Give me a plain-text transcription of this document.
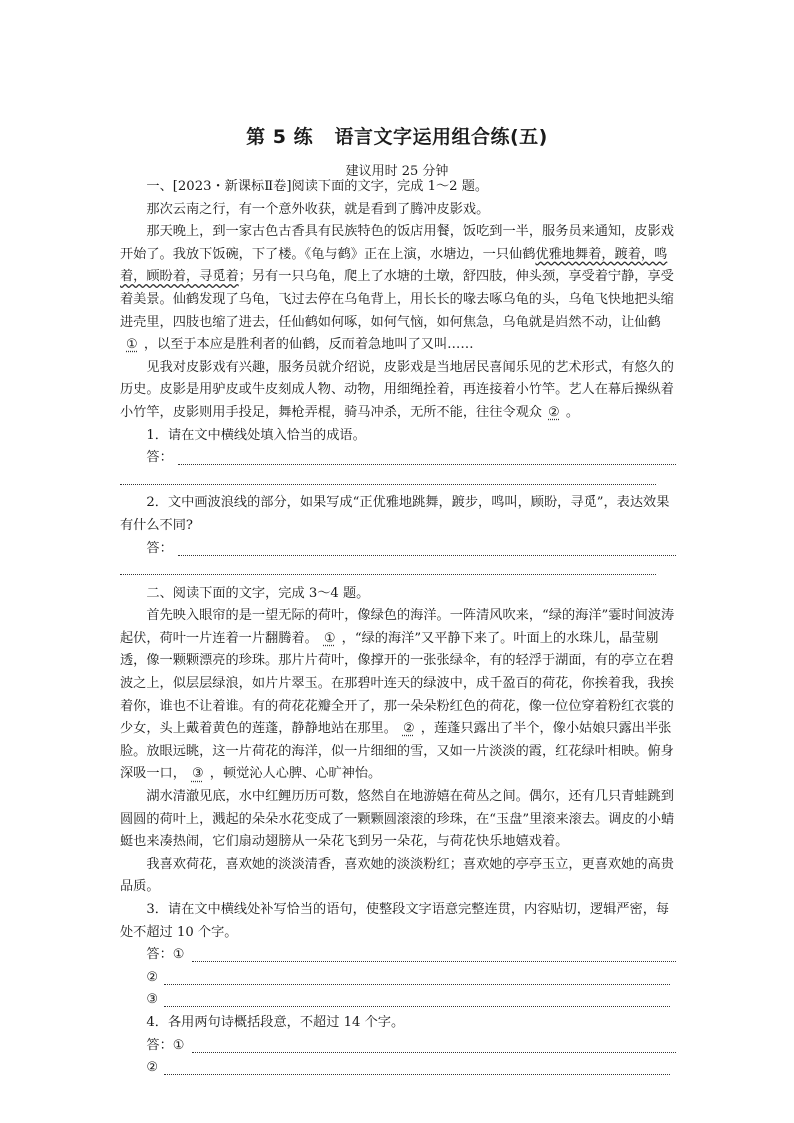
第 5 练   语言文字运用组合练(五)
建议用时 25 分钟

一、[2023・新课标Ⅱ卷]阅读下面的文字，完成 1～2 题。

那次云南之行，有一个意外收获，就是看到了腾冲皮影戏。

那天晚上，到一家古色古香具有民族特色的饭店用餐，饭吃到一半，服务员来通知，皮影戏开始了。我放下饭碗，下了楼。《龟与鹤》正在上演，水塘边，一只仙鹤优雅地舞着，踱着，鸣着，顾盼着，寻觅着；另有一只乌龟，爬上了水塘的土墩，舒四肢，伸头颈，享受着宁静，享受着美景。仙鹤发现了乌龟，飞过去停在乌龟背上，用长长的喙去啄乌龟的头，乌龟飞快地把头缩进壳里，四肢也缩了进去，任仙鹤如何啄，如何气恼，如何焦急，乌龟就是岿然不动，让仙鹤① ，以至于本应是胜利者的仙鹤，反而着急地叫了又叫……

见我对皮影戏有兴趣，服务员就介绍说，皮影戏是当地居民喜闻乐见的艺术形式，有悠久的历史。皮影是用驴皮或牛皮刻成人物、动物，用细绳拴着，再连接着小竹竿。艺人在幕后操纵着小竹竿，皮影则用手投足，舞枪弄棍，骑马冲杀，无所不能，往往令观众 ② 。

1．请在文中横线处填入恰当的成语。

答：

2．文中画波浪线的部分，如果写成“正优雅地跳舞，踱步，鸣叫，顾盼，寻觅”，表达效果有什么不同?

答：

二、阅读下面的文字，完成 3～4 题。

首先映入眼帘的是一望无际的荷叶，像绿色的海洋。一阵清风吹来，“绿的海洋”霎时间波涛起伏，荷叶一片连着一片翻腾着。 ① ，“绿的海洋”又平静下来了。叶面上的水珠儿，晶莹剔透，像一颗颗漂亮的珍珠。那片片荷叶，像撑开的一张张绿伞，有的轻浮于湖面，有的亭立在碧波之上，似层层绿浪，如片片翠玉。在那碧叶连天的绿波中，成千盈百的荷花，你挨着我，我挨着你，谁也不让着谁。有的荷花花瓣全开了，那一朵朵粉红色的荷花，像一位位穿着粉红衣裳的少女，头上戴着黄色的莲蓬，静静地站在那里。 ② ，莲蓬只露出了半个，像小姑娘只露出半张脸。放眼远眺，这一片荷花的海洋，似一片细细的雪，又如一片淡淡的霞，红花绿叶相映。俯身深吸一口， ③ ，顿觉沁人心脾、心旷神怡。

湖水清澈见底，水中红鲤历历可数，悠然自在地游嬉在荷丛之间。偶尔，还有几只青蛙跳到圆圆的荷叶上，溅起的朵朵水花变成了一颗颗圆滚滚的珍珠，在“玉盘”里滚来滚去。调皮的小蜻蜓也来凑热闹，它们扇动翅膀从一朵花飞到另一朵花，与荷花快乐地嬉戏着。

我喜欢荷花，喜欢她的淡淡清香，喜欢她的淡淡粉红；喜欢她的亭亭玉立，更喜欢她的高贵品质。

3．请在文中横线处补写恰当的语句，使整段文字语意完整连贯，内容贴切，逻辑严密，每处不超过 10 个字。

答：①
②
③

4．各用两句诗概括段意，不超过 14 个字。

答：①
②
